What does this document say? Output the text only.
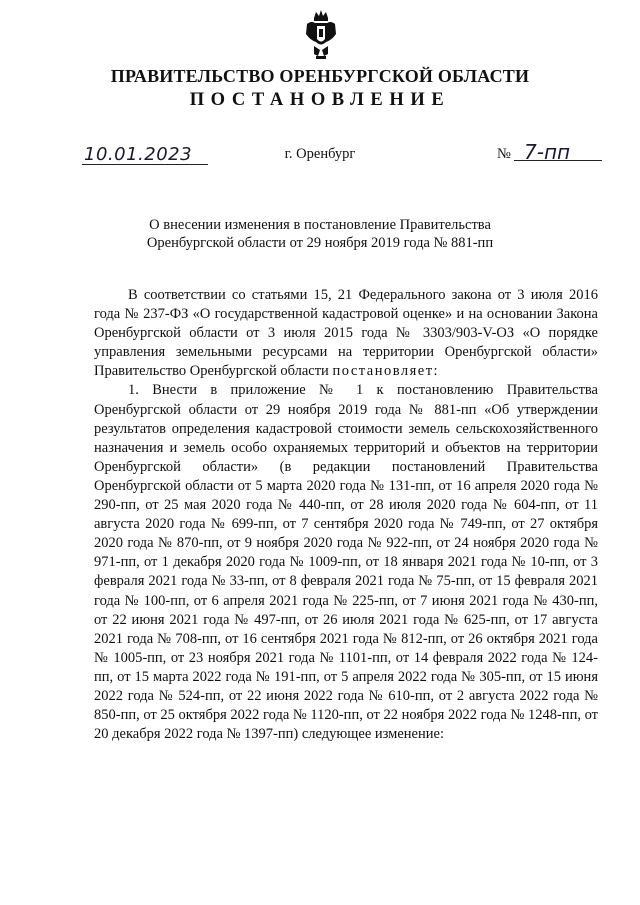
ПРАВИТЕЛЬСТВО ОРЕНБУРГСКОЙ ОБЛАСТИ
ПОСТАНОВЛЕНИЕ
10.01.2023	г. Оренбург	№ 7-пп
О внесении изменения в постановление Правительства
Оренбургской области от 29 ноября 2019 года № 881-пп

В соответствии со статьями 15, 21 Федерального закона от 3 июля 2016 года № 237-ФЗ «О государственной кадастровой оценке» и на основании Закона Оренбургской области от 3 июля 2015 года № 3303/903-V-ОЗ «О порядке управления земельными ресурсами на территории Оренбургской области» Правительство Оренбургской области постановляет:

1. Внести в приложение № 1 к постановлению Правительства Оренбургской области от 29 ноября 2019 года № 881-пп «Об утверждении результатов определения кадастровой стоимости земель сельскохозяйственного назначения и земель особо охраняемых территорий и объектов на территории Оренбургской области» (в редакции постановлений Правительства Оренбургской области от 5 марта 2020 года № 131-пп, от 16 апреля 2020 года № 290-пп, от 25 мая 2020 года № 440-пп, от 28 июля 2020 года № 604-пп, от 11 августа 2020 года № 699-пп, от 7 сентября 2020 года № 749-пп, от 27 октября 2020 года № 870-пп, от 9 ноября 2020 года № 922-пп, от 24 ноября 2020 года № 971-пп, от 1 декабря 2020 года № 1009-пп, от 18 января 2021 года № 10-пп, от 3 февраля 2021 года № 33-пп, от 8 февраля 2021 года № 75-пп, от 15 февраля 2021 года № 100-пп, от 6 апреля 2021 года № 225-пп, от 7 июня 2021 года № 430-пп, от 22 июня 2021 года № 497-пп, от 26 июля 2021 года № 625-пп, от 17 августа 2021 года № 708-пп, от 16 сентября 2021 года № 812-пп, от 26 октября 2021 года № 1005-пп, от 23 ноября 2021 года № 1101-пп, от 14 февраля 2022 года № 124-пп, от 15 марта 2022 года № 191-пп, от 5 апреля 2022 года № 305-пп, от 15 июня 2022 года № 524-пп, от 22 июня 2022 года № 610-пп, от 2 августа 2022 года № 850-пп, от 25 октября 2022 года № 1120-пп, от 22 ноября 2022 года № 1248-пп, от 20 декабря 2022 года № 1397-пп) следующее изменение:
